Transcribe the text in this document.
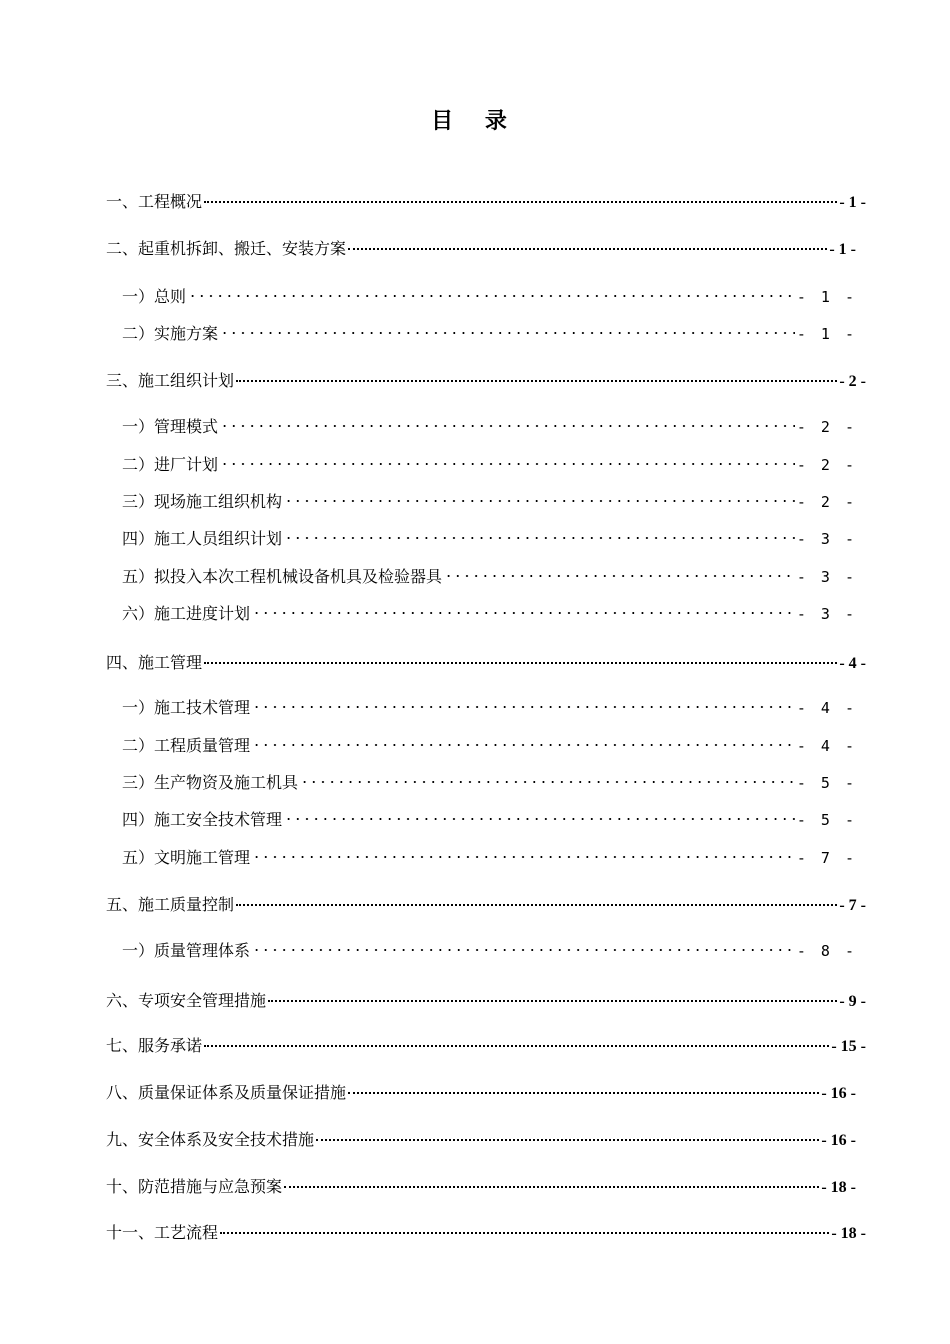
目 录
一、工程概况	- 1 -
二、起重机拆卸、搬迁、安装方案	- 1 -
一）总则	- 1 -
二）实施方案	- 1 -
三、施工组织计划	- 2 -
一）管理模式	- 2 -
二）进厂计划	- 2 -
三）现场施工组织机构	- 2 -
四）施工人员组织计划	- 3 -
五）拟投入本次工程机械设备机具及检验器具	- 3 -
六）施工进度计划	- 3 -
四、施工管理	- 4 -
一）施工技术管理	- 4 -
二）工程质量管理	- 4 -
三）生产物资及施工机具	- 5 -
四）施工安全技术管理	- 5 -
五）文明施工管理	- 7 -
五、施工质量控制	- 7 -
一）质量管理体系	- 8 -
六、专项安全管理措施	- 9 -
七、服务承诺	- 15 -
八、质量保证体系及质量保证措施	- 16 -
九、安全体系及安全技术措施	- 16 -
十、防范措施与应急预案	- 18 -
十一、工艺流程	- 18 -
